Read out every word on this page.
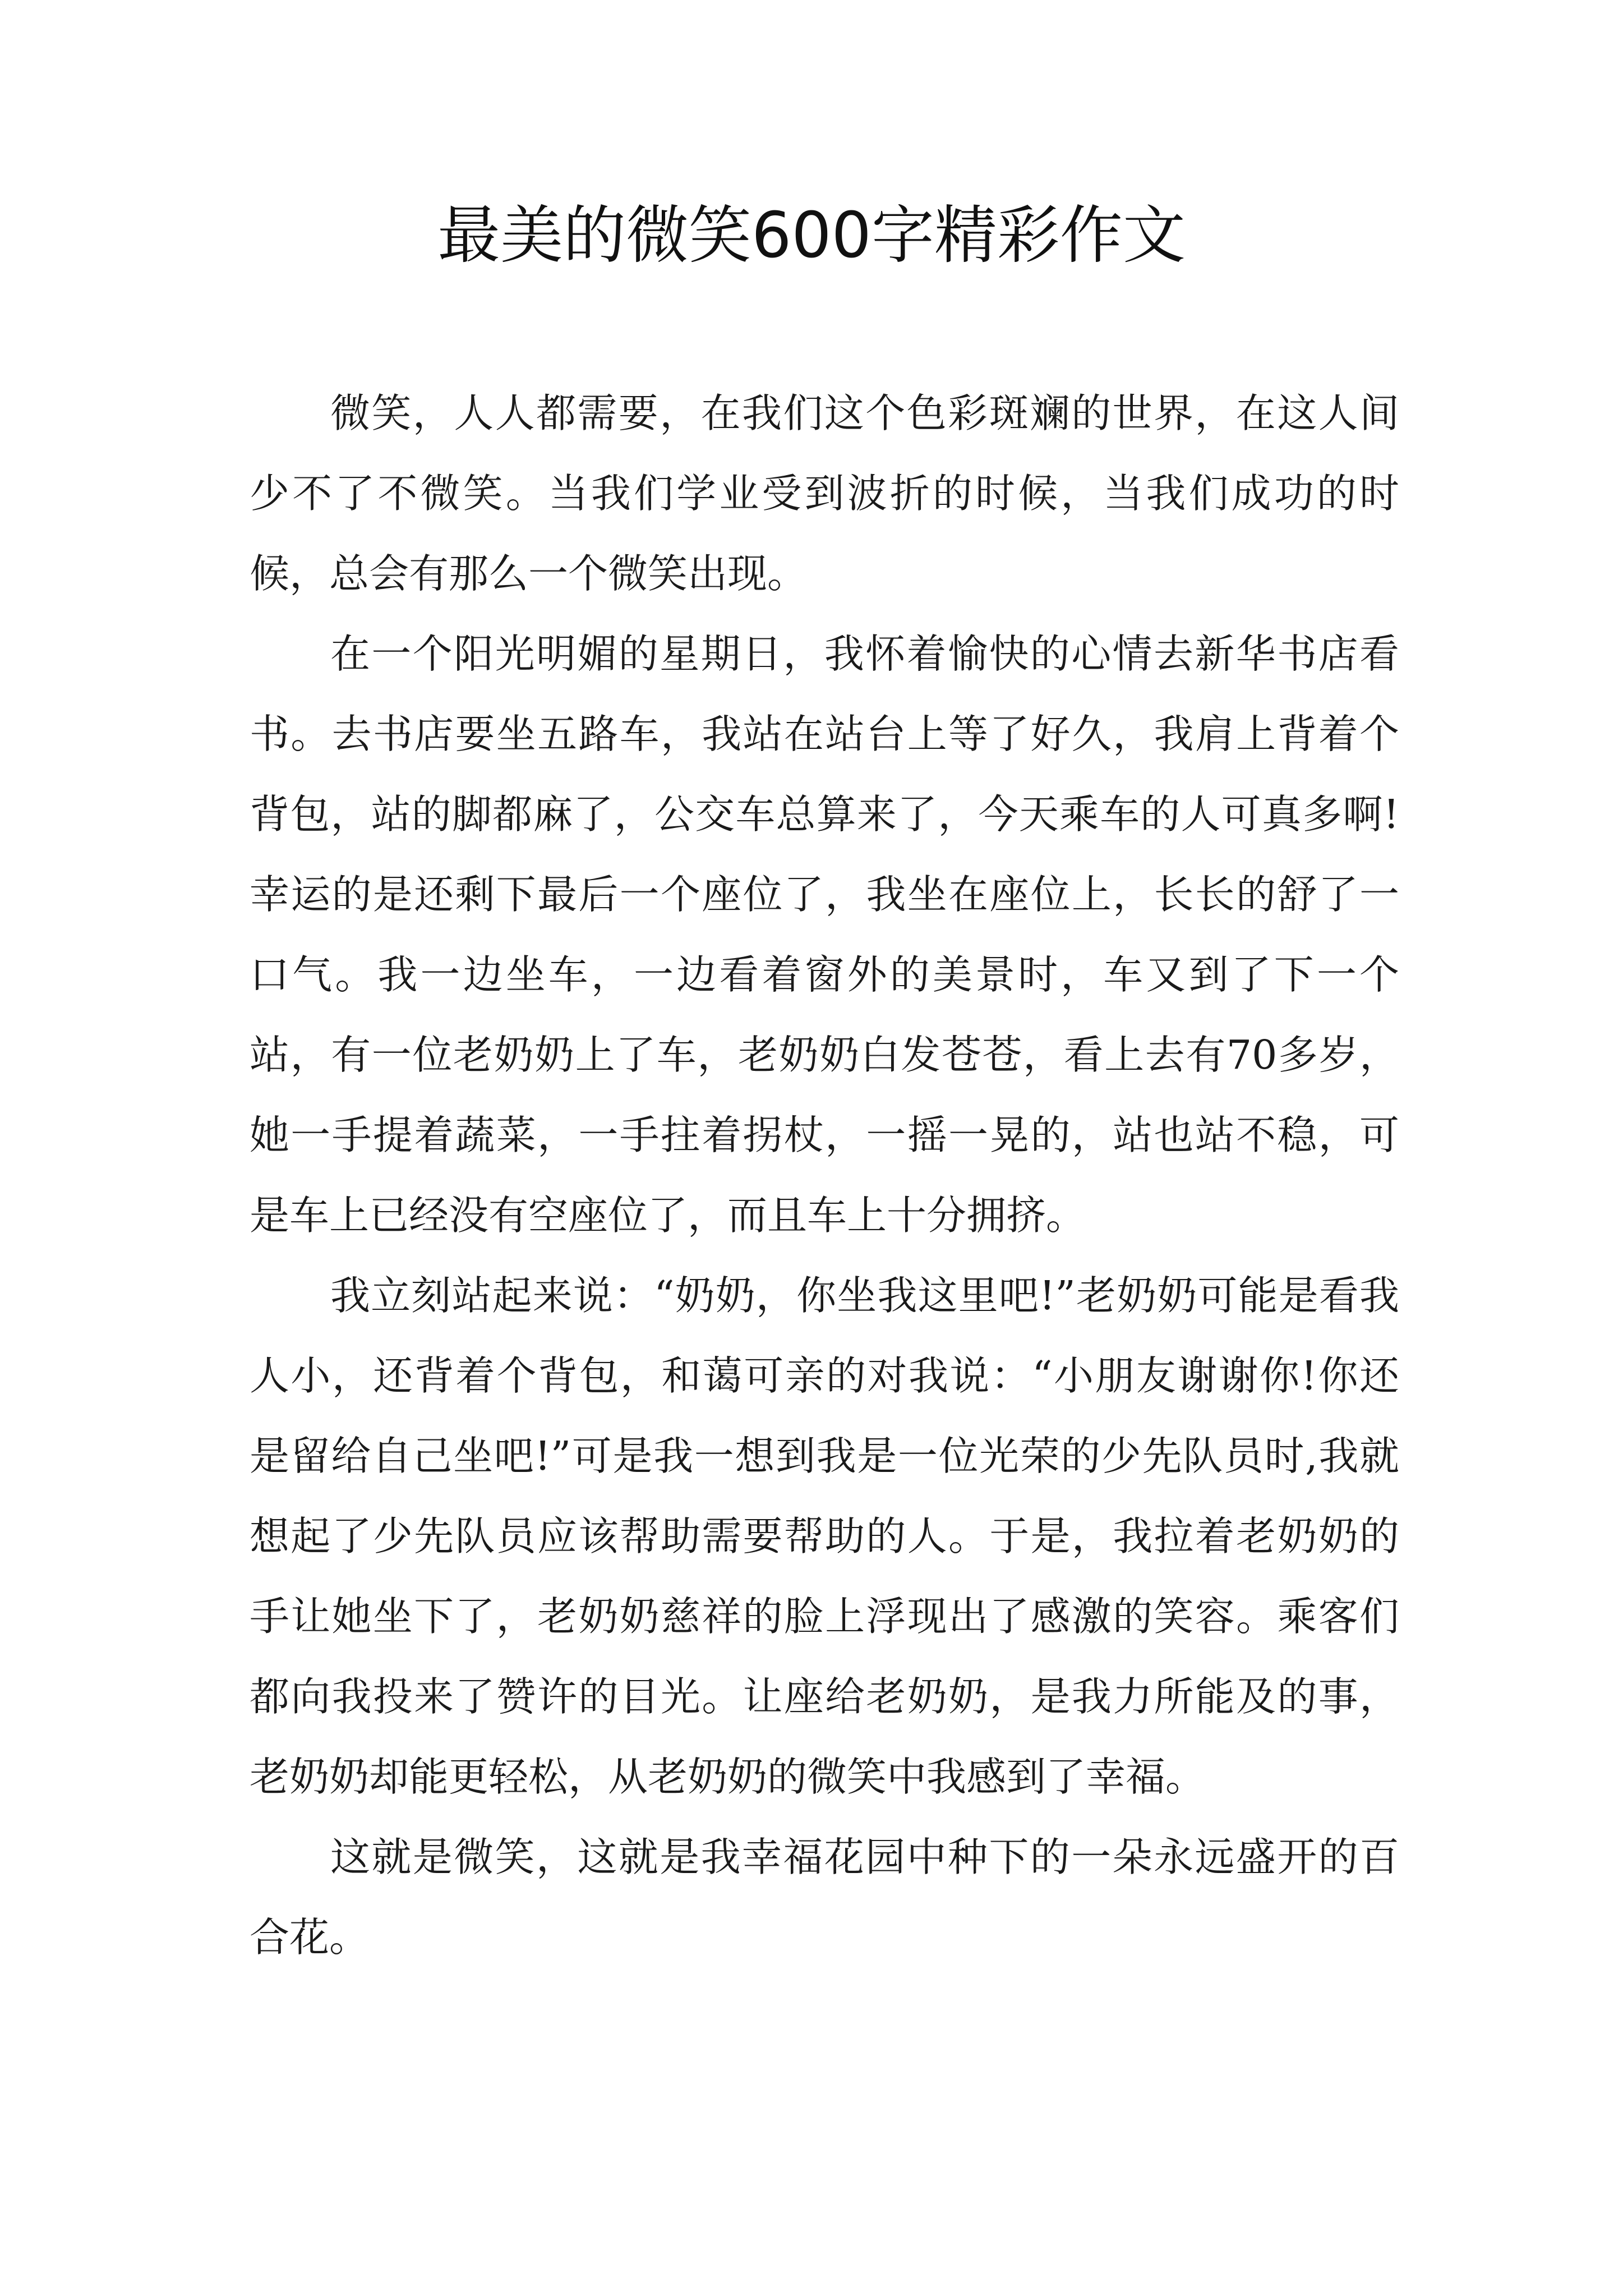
最美的微笑600字精彩作文

微笑，人人都需要，在我们这个色彩斑斓的世界，在这人间少不了不微笑。当我们学业受到波折的时候，当我们成功的时候，总会有那么一个微笑出现。

在一个阳光明媚的星期日，我怀着愉快的心情去新华书店看书。去书店要坐五路车，我站在站台上等了好久，我肩上背着个背包，站的脚都麻了，公交车总算来了，今天乘车的人可真多啊!幸运的是还剩下最后一个座位了，我坐在座位上，长长的舒了一口气。我一边坐车，一边看着窗外的美景时，车又到了下一个站，有一位老奶奶上了车，老奶奶白发苍苍，看上去有70多岁，她一手提着蔬菜，一手拄着拐杖，一摇一晃的，站也站不稳，可是车上已经没有空座位了，而且车上十分拥挤。

我立刻站起来说：“奶奶，你坐我这里吧!”老奶奶可能是看我人小，还背着个背包，和蔼可亲的对我说：“小朋友谢谢你!你还是留给自己坐吧!”可是我一想到我是一位光荣的少先队员时,我就想起了少先队员应该帮助需要帮助的人。于是，我拉着老奶奶的手让她坐下了，老奶奶慈祥的脸上浮现出了感激的笑容。乘客们都向我投来了赞许的目光。让座给老奶奶，是我力所能及的事，老奶奶却能更轻松，从老奶奶的微笑中我感到了幸福。

这就是微笑，这就是我幸福花园中种下的一朵永远盛开的百合花。
